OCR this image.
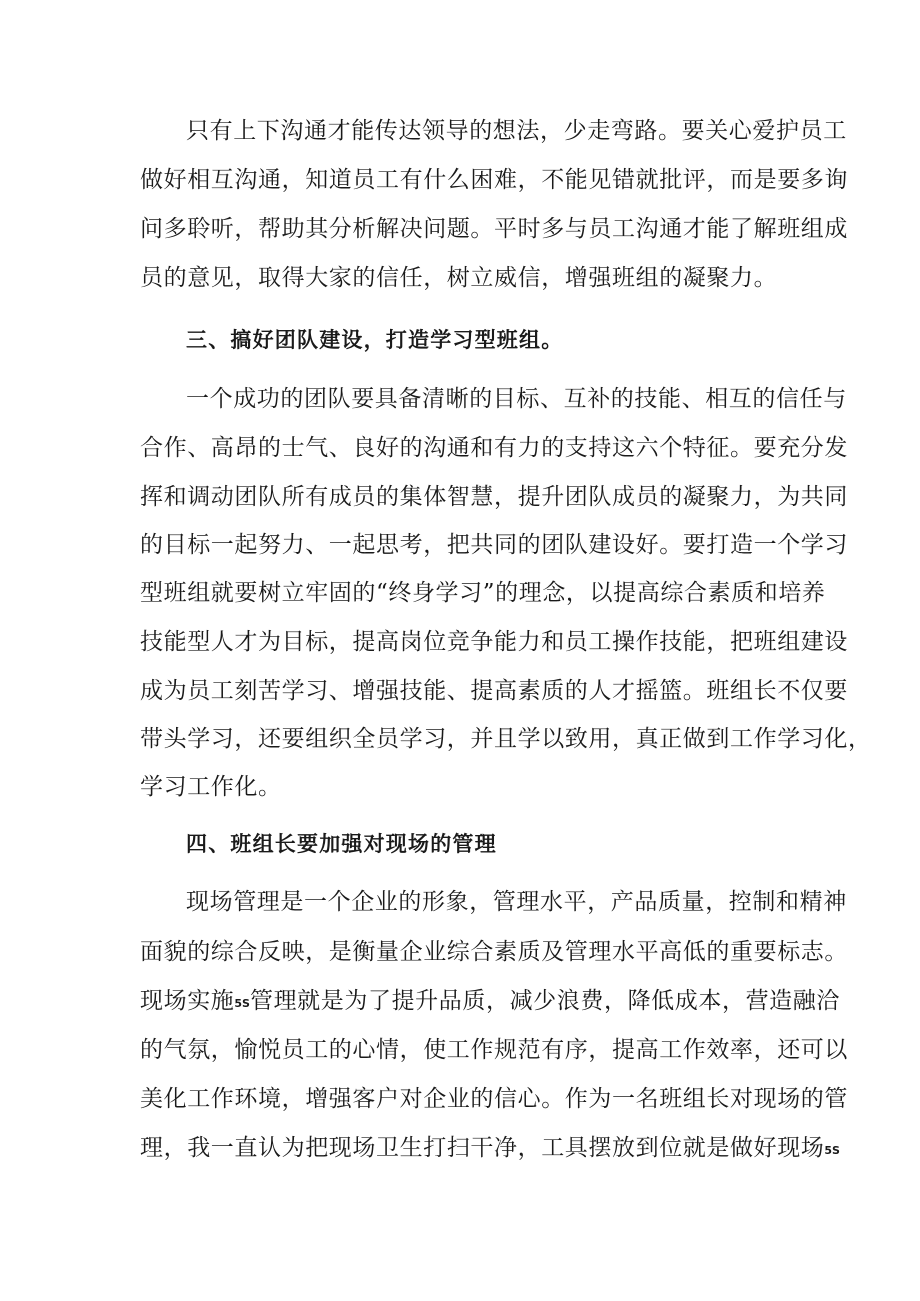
只有上下沟通才能传达领导的想法，少走弯路。要关心爱护员工
做好相互沟通，知道员工有什么困难，不能见错就批评，而是要多询
问多聆听，帮助其分析解决问题。平时多与员工沟通才能了解班组成
员的意见，取得大家的信任，树立威信，增强班组的凝聚力。
三、搞好团队建设，打造学习型班组。
一个成功的团队要具备清晰的目标、互补的技能、相互的信任与
合作、高昂的士气、良好的沟通和有力的支持这六个特征。要充分发
挥和调动团队所有成员的集体智慧，提升团队成员的凝聚力，为共同
的目标一起努力、一起思考，把共同的团队建设好。要打造一个学习
型班组就要树立牢固的“终身学习”的理念，以提高综合素质和培养
技能型人才为目标，提高岗位竞争能力和员工操作技能，把班组建设
成为员工刻苦学习、增强技能、提高素质的人才摇篮。班组长不仅要
带头学习，还要组织全员学习，并且学以致用，真正做到工作学习化，
学习工作化。
四、班组长要加强对现场的管理
现场管理是一个企业的形象，管理水平，产品质量，控制和精神
面貌的综合反映，是衡量企业综合素质及管理水平高低的重要标志。
现场实施5S管理就是为了提升品质，减少浪费，降低成本，营造融洽
的气氛，愉悦员工的心情，使工作规范有序，提高工作效率，还可以
美化工作环境，增强客户对企业的信心。作为一名班组长对现场的管
理，我一直认为把现场卫生打扫干净，工具摆放到位就是做好现场5S
